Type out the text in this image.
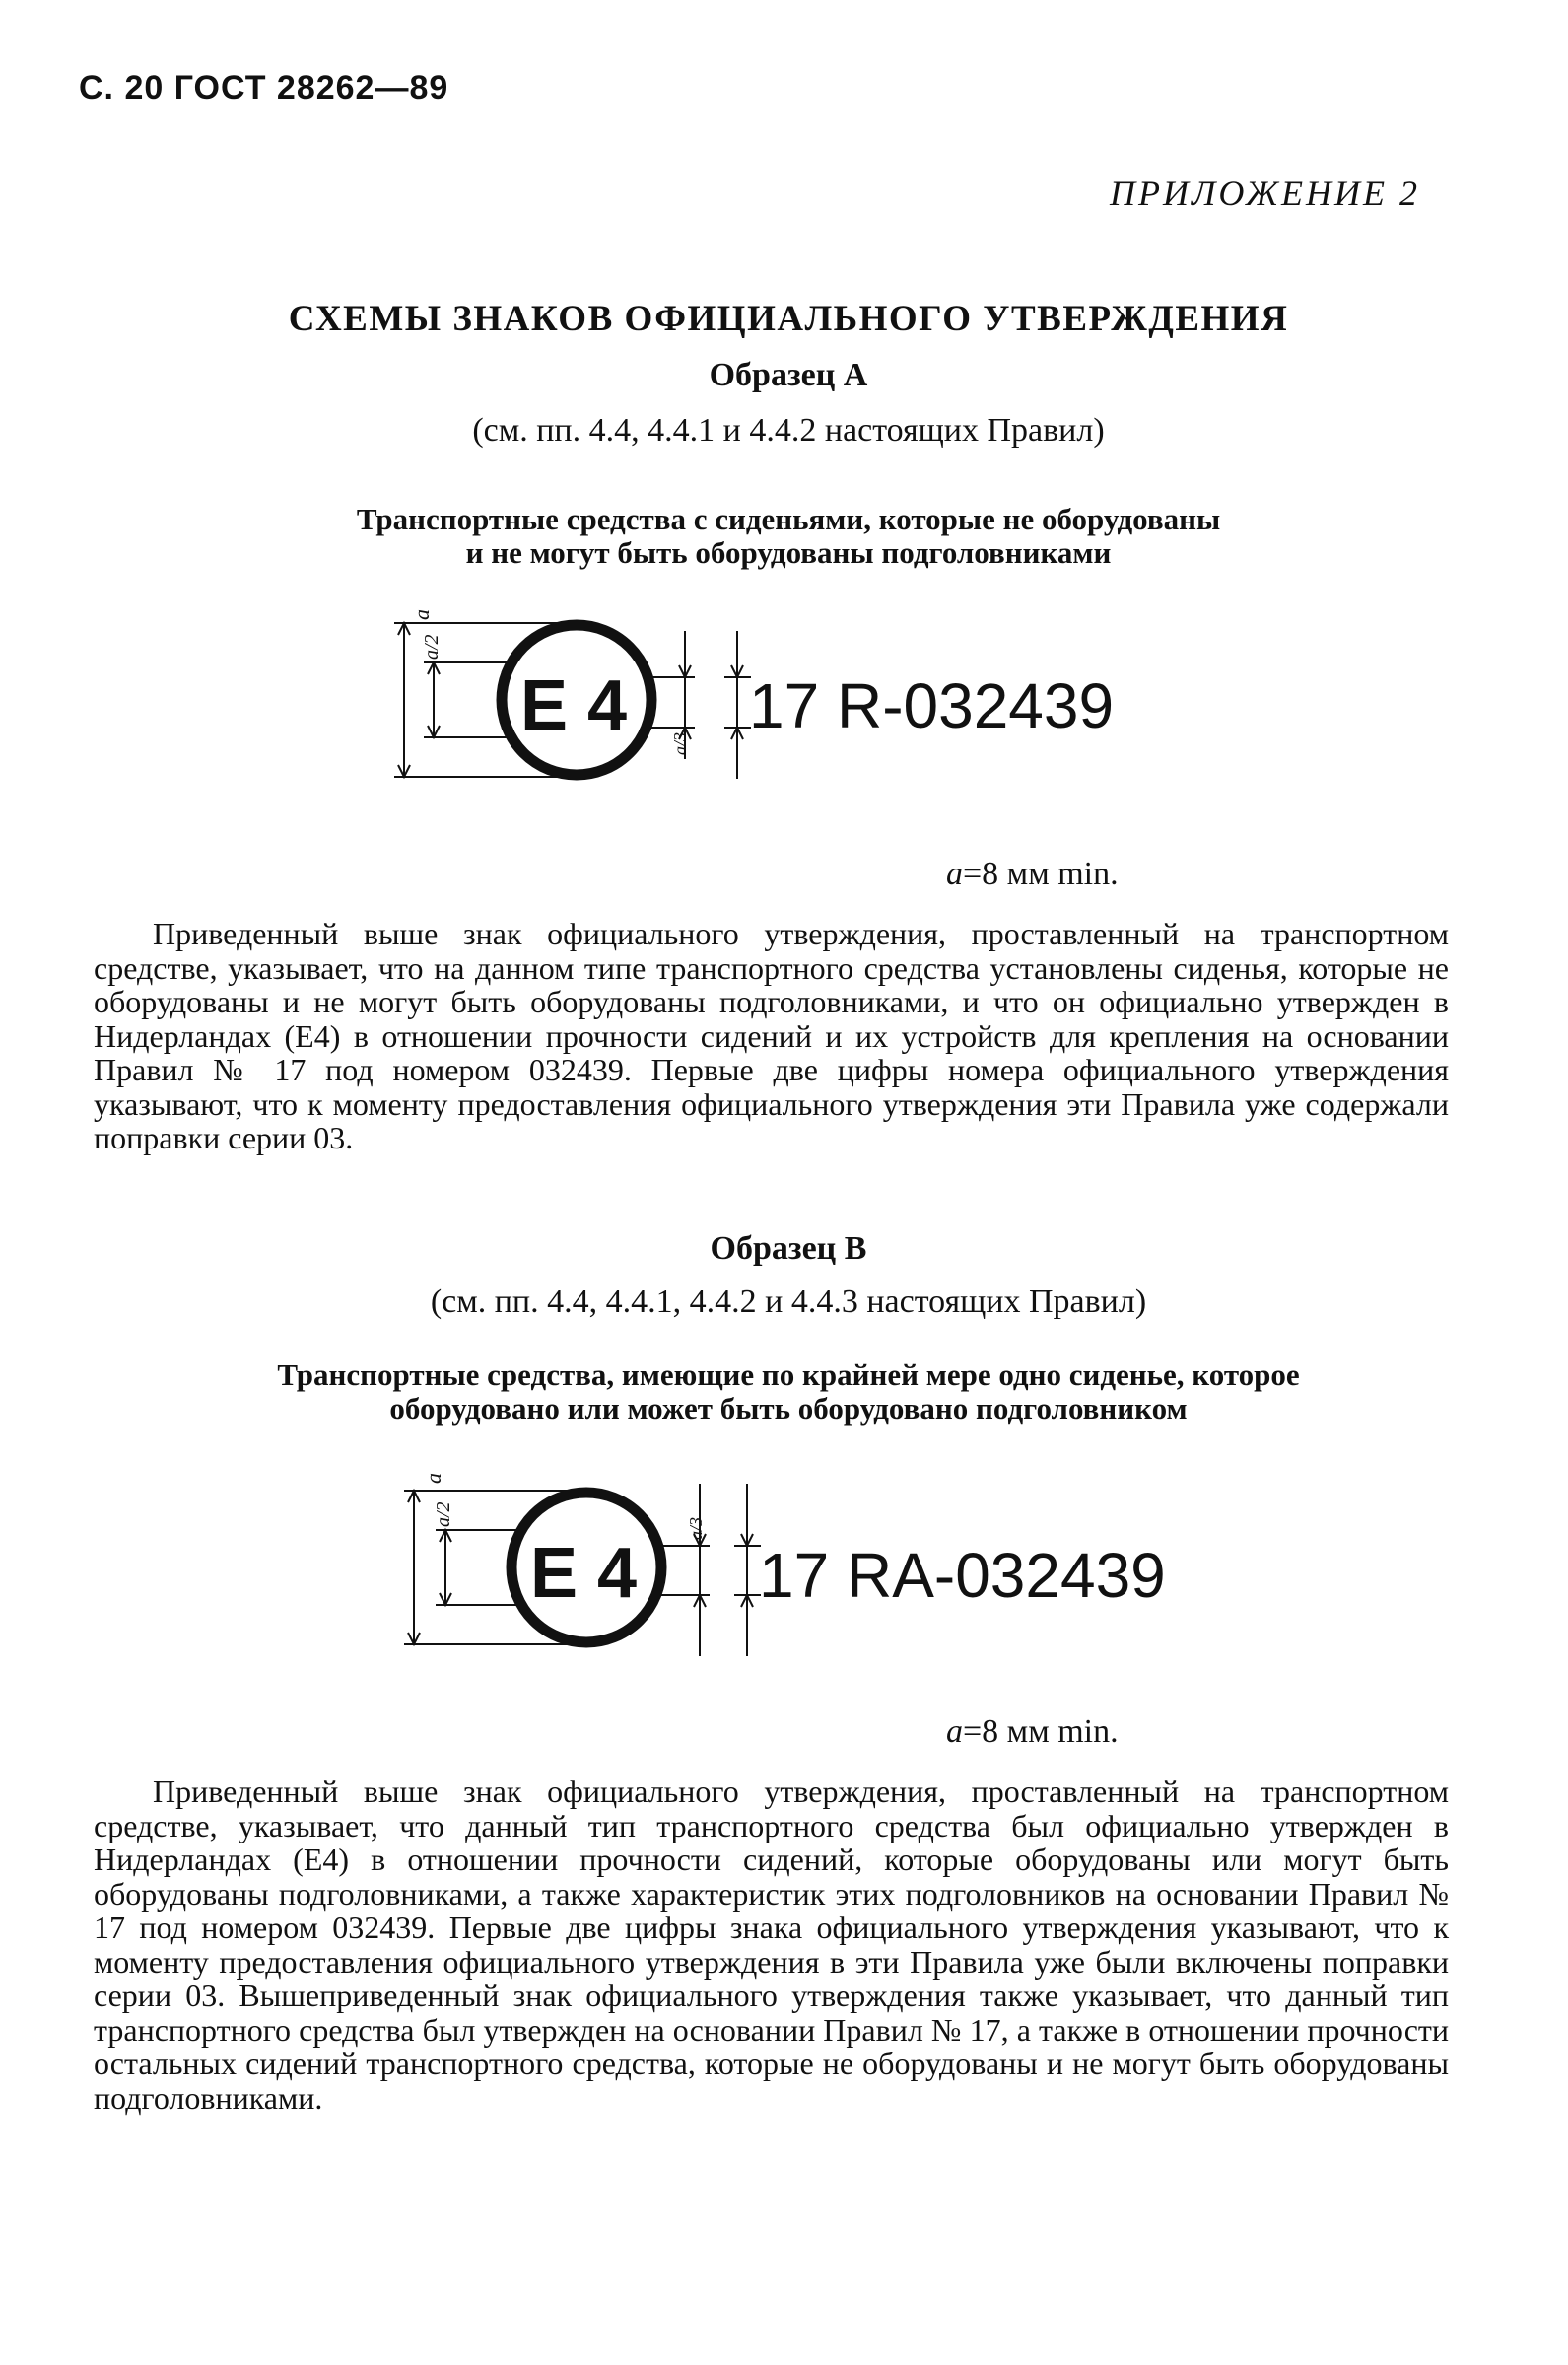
С. 20 ГОСТ 28262—89
ПРИЛОЖЕНИЕ 2
СХЕМЫ ЗНАКОВ ОФИЦИАЛЬНОГО УТВЕРЖДЕНИЯ
Образец А
(см. пп. 4.4, 4.4.1 и 4.4.2 настоящих Правил)
Транспортные средства с сиденьями, которые не оборудованы
и не могут быть оборудованы подголовниками
a
a/2
a/3
E 4 17 R-032439
a=8 мм min.
Приведенный выше знак официального утверждения, проставленный на транспортном средстве, указывает, что на данном типе транспортного средства установлены сиденья, которые не оборудованы и не могут быть оборудованы подголовниками, и что он официально утвержден в Нидерландах (Е4) в отношении прочности сидений и их устройств для крепления на основании Правил № 17 под номером 032439. Первые две цифры номера официального утверждения указывают, что к моменту предоставления официального утверждения эти Правила уже содержали поправки серии 03.
Образец В
(см. пп. 4.4, 4.4.1, 4.4.2 и 4.4.3 настоящих Правил)
Транспортные средства, имеющие по крайней мере одно сиденье, которое
оборудовано или может быть оборудовано подголовником
a
a/2
a/3
E 4 17 RA-032439
a=8 мм min.
Приведенный выше знак официального утверждения, проставленный на транспортном средстве, указывает, что данный тип транспортного средства был официально утвержден в Нидерландах (Е4) в отношении прочности сидений, которые оборудованы или могут быть оборудованы подголовниками, а также характеристик этих подголовников на основании Правил № 17 под номером 032439. Первые две цифры знака официального утверждения указывают, что к моменту предоставления официального утверждения в эти Правила уже были включены поправки серии 03. Вышеприведенный знак официального утверждения также указывает, что данный тип транспортного средства был утвержден на основании Правил № 17, а также в отношении прочности остальных сидений транспортного средства, которые не оборудованы и не могут быть оборудованы подголовниками.
